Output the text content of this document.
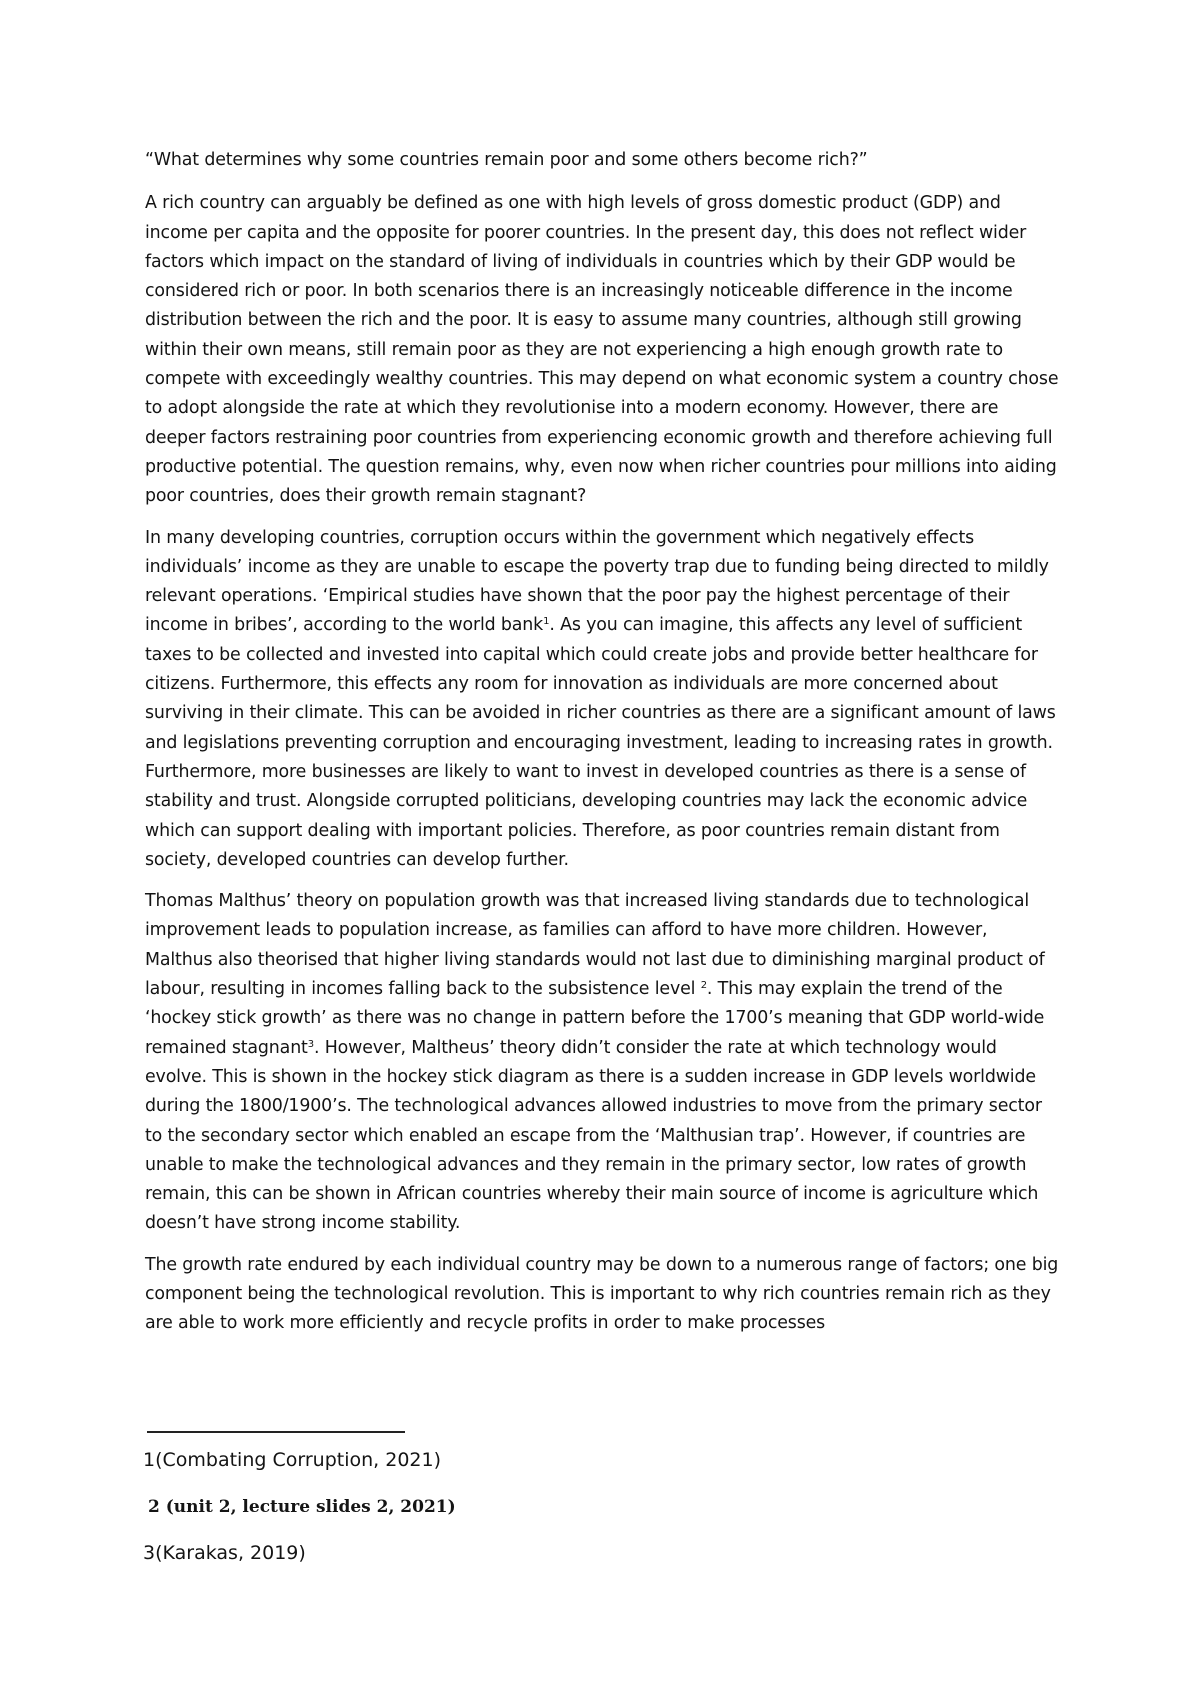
“What determines why some countries remain poor and some others become rich?”

A rich country can arguably be defined as one with high levels of gross domestic product (GDP) and income per capita and the opposite for poorer countries. In the present day, this does not reflect wider factors which impact on the standard of living of individuals in countries which by their GDP would be considered rich or poor. In both scenarios there is an increasingly noticeable difference in the income distribution between the rich and the poor. It is easy to assume many countries, although still growing within their own means, still remain poor as they are not experiencing a high enough growth rate to compete with exceedingly wealthy countries. This may depend on what economic system a country chose to adopt alongside the rate at which they revolutionise into a modern economy. However, there are deeper factors restraining poor countries from experiencing economic growth and therefore achieving full productive potential. The question remains, why, even now when richer countries pour millions into aiding poor countries, does their growth remain stagnant?

In many developing countries, corruption occurs within the government which negatively effects individuals’ income as they are unable to escape the poverty trap due to funding being directed to mildly relevant operations. ‘Empirical studies have shown that the poor pay the highest percentage of their income in bribes’, according to the world bank$^1$. As you can imagine, this affects any level of sufficient taxes to be collected and invested into capital which could create jobs and provide better healthcare for citizens. Furthermore, this effects any room for innovation as individuals are more concerned about surviving in their climate. This can be avoided in richer countries as there are a significant amount of laws and legislations preventing corruption and encouraging investment, leading to increasing rates in growth. Furthermore, more businesses are likely to want to invest in developed countries as there is a sense of stability and trust. Alongside corrupted politicians, developing countries may lack the economic advice which can support dealing with important policies. Therefore, as poor countries remain distant from society, developed countries can develop further.

Thomas Malthus’ theory on population growth was that increased living standards due to technological improvement leads to population increase, as families can afford to have more children. However, Malthus also theorised that higher living standards would not last due to diminishing marginal product of labour, resulting in incomes falling back to the subsistence level $^2$. This may explain the trend of the ‘hockey stick growth’ as there was no change in pattern before the 1700’s meaning that GDP world-wide remained stagnant$^3$. However, Maltheus’ theory didn’t consider the rate at which technology would evolve. This is shown in the hockey stick diagram as there is a sudden increase in GDP levels worldwide during the 1800/1900’s. The technological advances allowed industries to move from the primary sector to the secondary sector which enabled an escape from the ‘Malthusian trap’. However, if countries are unable to make the technological advances and they remain in the primary sector, low rates of growth remain, this can be shown in African countries whereby their main source of income is agriculture which doesn’t have strong income stability.

The growth rate endured by each individual country may be down to a numerous range of factors; one big component being the technological revolution. This is important to why rich countries remain rich as they are able to work more efficiently and recycle profits in order to make processes

1(Combating Corruption, 2021)
2 (unit 2, lecture slides 2, 2021)
3(Karakas, 2019)
